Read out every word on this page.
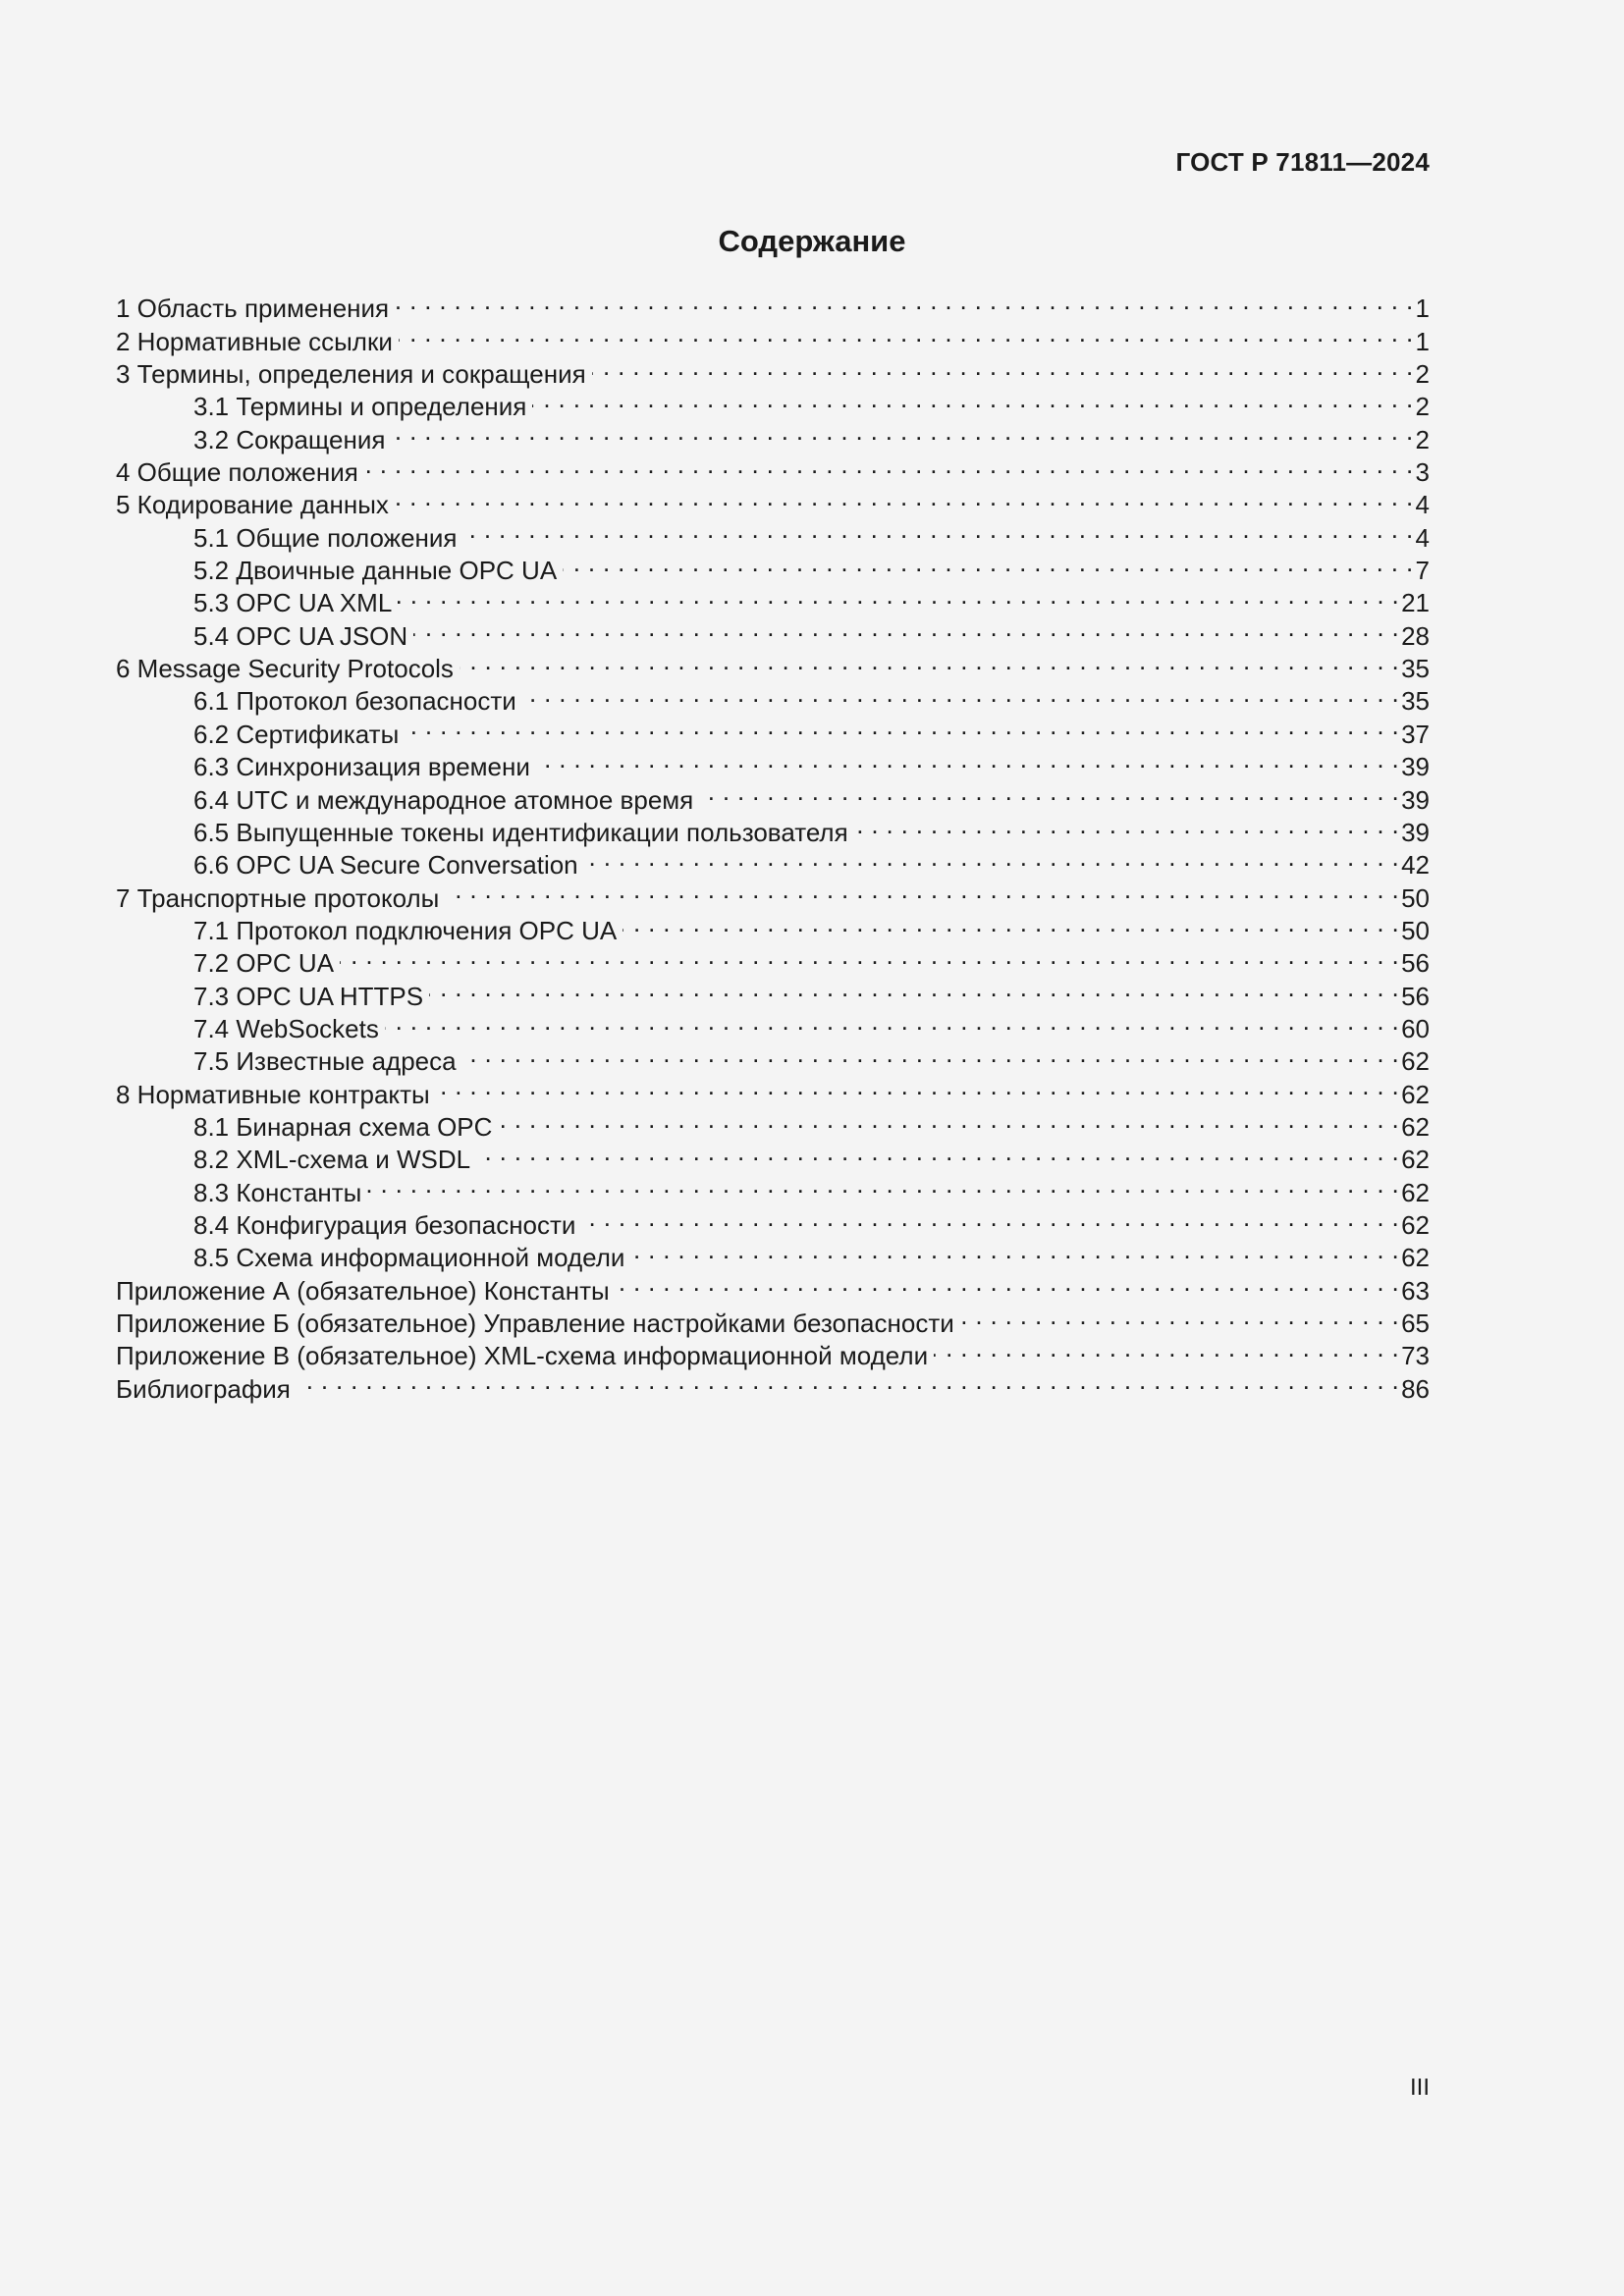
ГОСТ Р 71811—2024
Содержание
1 Область применения . . .	1
2 Нормативные ссылки . . .	1
3 Термины, определения и сокращения . . .	2
3.1 Термины и определения . . .	2
3.2 Сокращения . . .	2
4 Общие положения . . .	3
5 Кодирование данных . . .	4
5.1 Общие положения . . .	4
5.2 Двоичные данные OPC UA . . .	7
5.3 OPC UA XML . . .	21
5.4 OPC UA JSON . . .	28
6 Message Security Protocols . . .	35
6.1 Протокол безопасности . . .	35
6.2 Сертификаты . . .	37
6.3 Синхронизация времени . . .	39
6.4 UTC и международное атомное время . . .	39
6.5 Выпущенные токены идентификации пользователя . . .	39
6.6 OPC UA Secure Conversation . . .	42
7 Транспортные протоколы . . .	50
7.1 Протокол подключения OPC UA . . .	50
7.2 OPC UA . . .	56
7.3 OPC UA HTTPS . . .	56
7.4 WebSockets . . .	60
7.5 Известные адреса . . .	62
8 Нормативные контракты . . .	62
8.1 Бинарная схема OPC . . .	62
8.2 XML-схема и WSDL . . .	62
8.3 Константы . . .	62
8.4 Конфигурация безопасности . . .	62
8.5 Схема информационной модели . . .	62
Приложение А (обязательное) Константы . . .	63
Приложение Б (обязательное) Управление настройками безопасности . . .	65
Приложение В (обязательное) XML-схема информационной модели . . .	73
Библиография . . .	86
III
